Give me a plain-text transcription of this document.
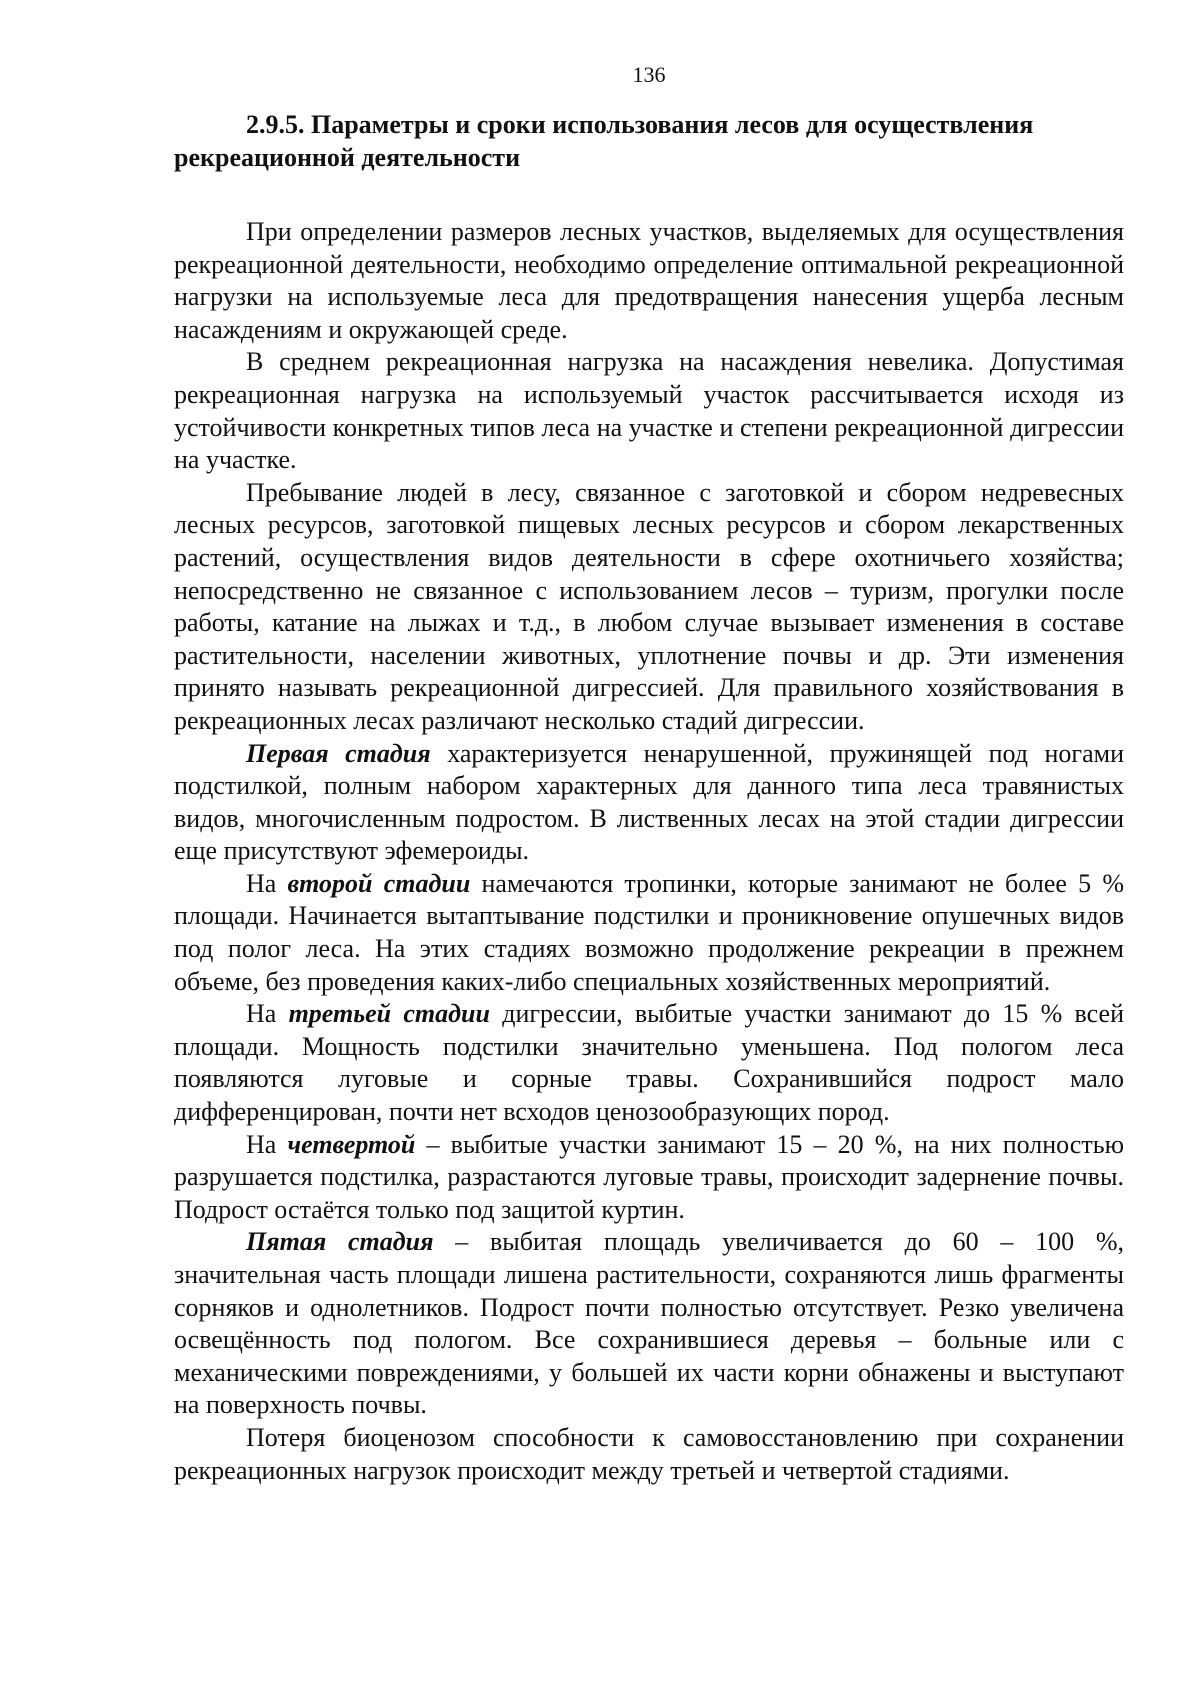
136
2.9.5. Параметры и сроки использования лесов для осуществления рекреационной деятельности

При определении размеров лесных участков, выделяемых для осуществления рекреационной деятельности, необходимо определение оптимальной рекреационной нагрузки на используемые леса для предотвращения нанесения ущерба лесным насаждениям и окружающей среде.

В среднем рекреационная нагрузка на насаждения невелика. Допустимая рекреационная нагрузка на используемый участок рассчитывается исходя из устойчивости конкретных типов леса на участке и степени рекреационной дигрессии на участке.

Пребывание людей в лесу, связанное с заготовкой и сбором недревесных лесных ресурсов, заготовкой пищевых лесных ресурсов и сбором лекарственных растений, осуществления видов деятельности в сфере охотничьего хозяйства; непосредственно не связанное с использованием лесов – туризм, прогулки после работы, катание на лыжах и т.д., в любом случае вызывает изменения в составе растительности, населении животных, уплотнение почвы и др. Эти изменения принято называть рекреационной дигрессией. Для правильного хозяйствования в рекреационных лесах различают несколько стадий дигрессии.

Первая стадия характеризуется ненарушенной, пружинящей под ногами подстилкой, полным набором характерных для данного типа леса травянистых видов, многочисленным подростом. В лиственных лесах на этой стадии дигрессии еще присутствуют эфемероиды.

На второй стадии намечаются тропинки, которые занимают не более 5 % площади. Начинается вытаптывание подстилки и проникновение опушечных видов под полог леса. На этих стадиях возможно продолжение рекреации в прежнем объеме, без проведения каких-либо специальных хозяйственных мероприятий.

На третьей стадии дигрессии, выбитые участки занимают до 15 % всей площади. Мощность подстилки значительно уменьшена. Под пологом леса появляются луговые и сорные травы. Сохранившийся подрост мало дифференцирован, почти нет всходов ценозообразующих пород.

На четвертой – выбитые участки занимают 15 – 20 %, на них полностью разрушается подстилка, разрастаются луговые травы, происходит задернение почвы. Подрост остаётся только под защитой куртин.

Пятая стадия – выбитая площадь увеличивается до 60 – 100 %, значительная часть площади лишена растительности, сохраняются лишь фрагменты сорняков и однолетников. Подрост почти полностью отсутствует. Резко увеличена освещённость под пологом. Все сохранившиеся деревья – больные или с механическими повреждениями, у большей их части корни обнажены и выступают на поверхность почвы.

Потеря биоценозом способности к самовосстановлению при сохранении рекреационных нагрузок происходит между третьей и четвертой стадиями.
